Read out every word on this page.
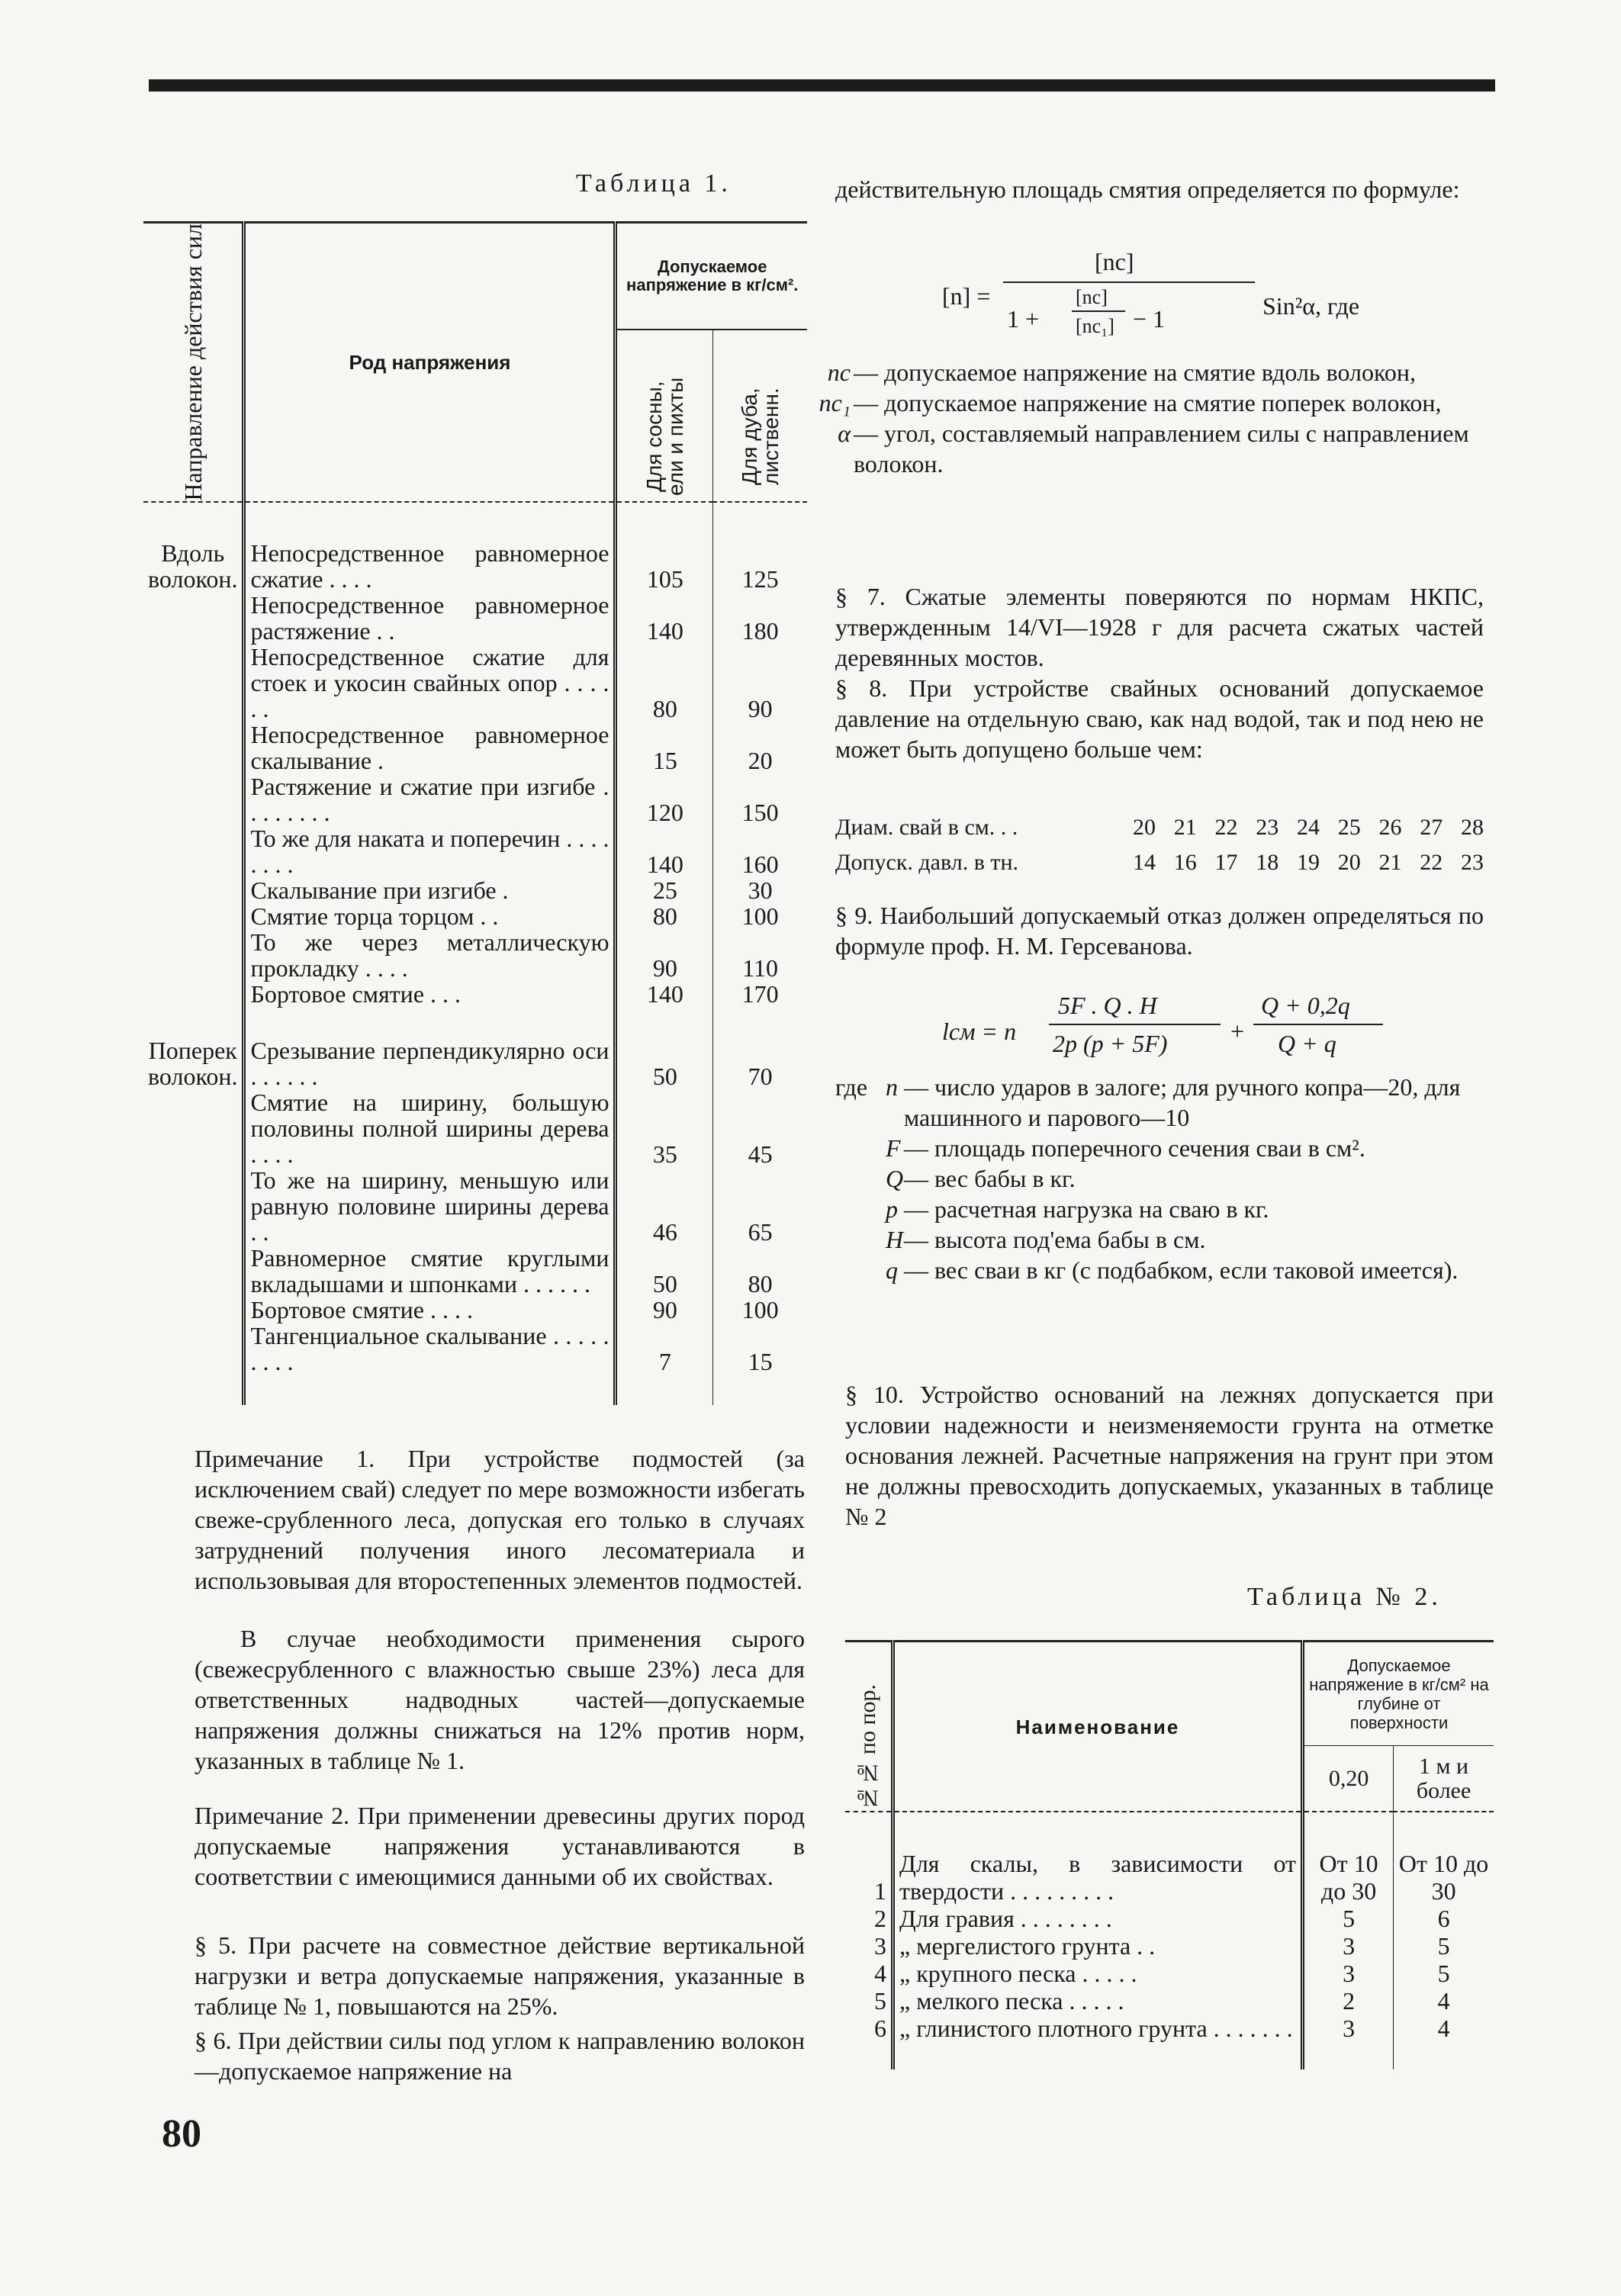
Таблица 1.
Направление действия сил	Род напряжения	Допускаемое напряжение в кг/см².	

		Для сосны, ели и пихты	Для дуба, лиственн.

Вдоль волокон.	Непосредственное равномерное сжатие . . . .	105	125
	Непосредственное равномерное растяжение . .	140	180
	Непосредственное сжатие для стоек и укосин свайных опор . . . . . .	80	90
	Непосредственное равномерное скалывание .	15	20
	Растяжение и сжатие при изгибе . . . . . . . .	120	150
	То же для наката и поперечин . . . . . . . .	140	160
	Скалывание при изгибе .	25	30
	Смятие торца торцом . .	80	100
	То же через металлическую прокладку . . . .	90	110
	Бортовое смятие . . .	140	170

Поперек волокон.	Срезывание перпендикулярно оси . . . . . .	50	70
	Смятие на ширину, большую половины полной ширины дерева . . . .	35	45
	То же на ширину, меньшую или равную половине ширины дерева . .	46	65
	Равномерное смятие круглыми вкладышами и шпонками . . . . . .	50	80
	Бортовое смятие . . . .	90	100
	Тангенциальное скалывание . . . . . . . . .	7	15

Примечание 1. При устройстве подмостей (за исключением свай) следует по мере возможности избегать свеже-срубленного леса, допуская его только в случаях затруднений получения иного лесоматериала и использовывая для второстепенных элементов подмостей.
В случае необходимости применения сырого (свежесрубленного с влажностью свыше 23%) леса для ответственных надводных частей—допускаемые напряжения должны снижаться на 12% против норм, указанных в таблице № 1.
Примечание 2. При применении древесины других пород допускаемые напряжения устанавливаются в соответствии с имеющимися данными об их свойствах.
§ 5. При расчете на совместное действие вертикальной нагрузки и ветра допускаемые напряжения, указанные в таблице № 1, повышаются на 25%.
§ 6. При действии силы под углом к направлению волокон—допускаемое напряжение на
80
действительную площадь смятия определяется по формуле:
[n] =
[nc]
1 +
[nc]
[nc₁] − 1	Sin²α, где
nc — допускаемое напряжение на смятие вдоль волокон,
nc₁ — допускаемое напряжение на смятие поперек волокон,
α — угол, составляемый направлением силы с направлением волокон.
§ 7. Сжатые элементы поверяются по нормам НКПС, утвержденным 14/VI—1928 г для расчета сжатых частей деревянных мостов.
§ 8. При устройстве свайных оснований допускаемое давление на отдельную сваю, как над водой, так и под нею не может быть допущено больше чем:
Диам. свай в см. . .	20 21 22 23 24 25 26 27 28
Допуск. давл. в тн.	14 16 17 18 19 20 21 22 23
§ 9. Наибольший допускаемый отказ должен определяться по формуле проф. Н. М. Герсеванова.
lсм = n
5F . Q . H
2p (p + 5F)	+
Q + 0,2q
Q + q
где n — число ударов в залоге; для ручного копра—20, для машинного и парового—10
F — площадь поперечного сечения сваи в см².
Q — вес бабы в кг.
p — расчетная нагрузка на сваю в кг.
H — высота под'ема бабы в см.
q — вес сваи в кг (с подбабком, если таковой имеется).
§ 10. Устройство оснований на лежнях допускается при условии надежности и неизменяемости грунта на отметке основания лежней. Расчетные напряжения на грунт при этом не должны превосходить допускаемых, указанных в таблице № 2
Таблица № 2.
№№ по пор.	Наименование	Допускаемое напряжение в кг/см² на глубине от поверхности	
		0,20	1 м и более

1	Для скалы, в зависимости от твердости . . . . . . . . .	От 10 до 30	От 10 до 30
2	Для гравия . . . . . . . .	5	6
3	„ мергелистого грунта . .	3	5
4	„ крупного песка . . . . .	3	5
5	„ мелкого песка . . . . .	2	4
6	„ глинистого плотного грунта . . . . . . .	3	4
